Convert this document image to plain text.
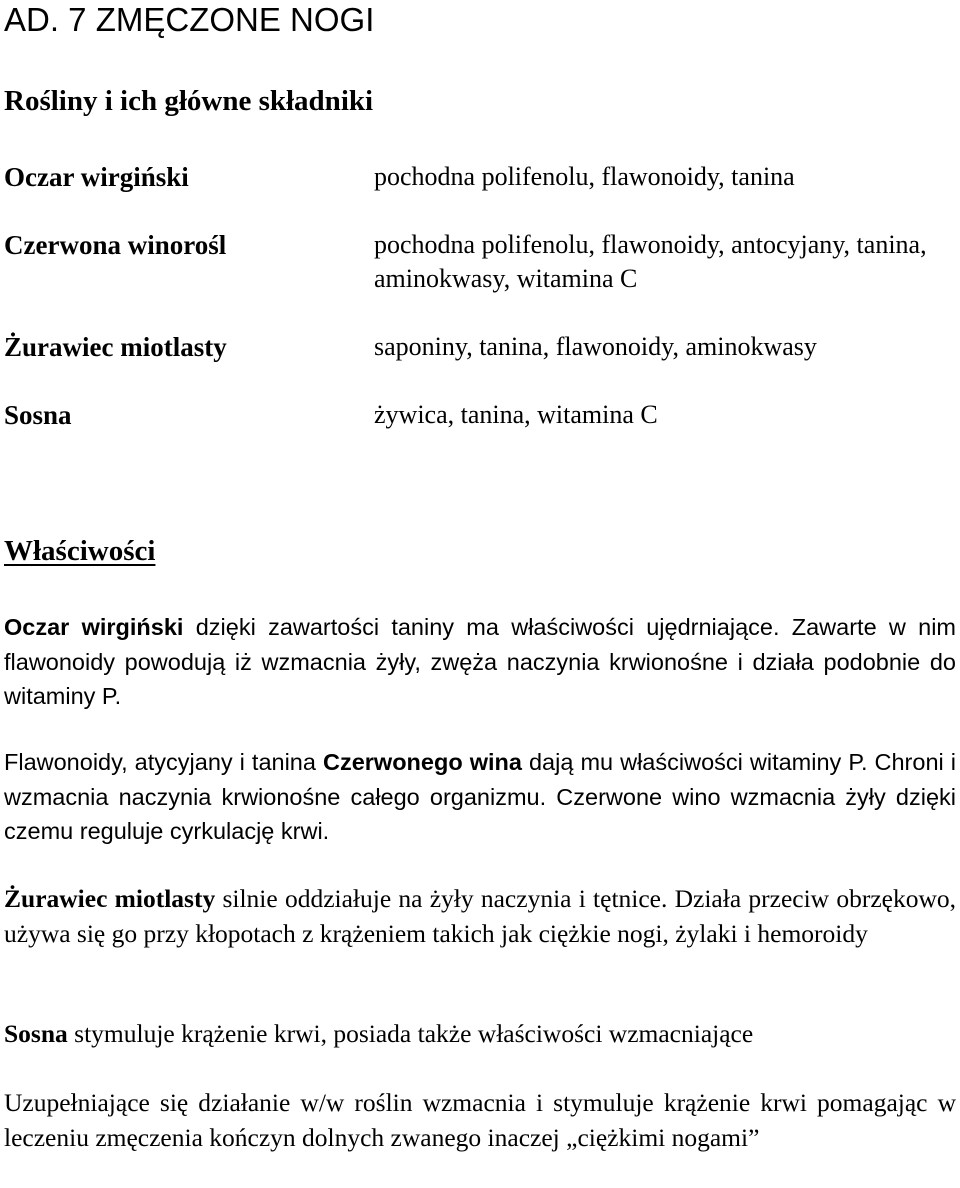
AD. 7 ZMĘCZONE NOGI
Rośliny i ich główne składniki
Oczar wirgiński	pochodna polifenolu, flawonoidy, tanina
Czerwona winorośl	pochodna polifenolu, flawonoidy, antocyjany, tanina, aminokwasy, witamina C
Żurawiec miotlasty	saponiny, tanina, flawonoidy, aminokwasy
Sosna	żywica, tanina, witamina C
Właściwości

Oczar wirgiński dzięki zawartości taniny ma właściwości ujędrniające. Zawarte w nim flawonoidy powodują iż wzmacnia żyły, zwęża naczynia krwionośne i działa podobnie do witaminy P.

Flawonoidy, atycyjany i tanina Czerwonego wina dają mu właściwości witaminy P. Chroni i wzmacnia naczynia krwionośne całego organizmu. Czerwone wino wzmacnia żyły dzięki czemu reguluje cyrkulację krwi.

Żurawiec miotlasty silnie oddziałuje na żyły naczynia i tętnice. Działa przeciw obrzękowo, używa się go przy kłopotach z krążeniem takich jak ciężkie nogi, żylaki i hemoroidy

Sosna stymuluje krążenie krwi, posiada także właściwości wzmacniające

Uzupełniające się działanie w/w roślin wzmacnia i stymuluje krążenie krwi pomagając w leczeniu zmęczenia kończyn dolnych zwanego inaczej „ciężkimi nogami”
